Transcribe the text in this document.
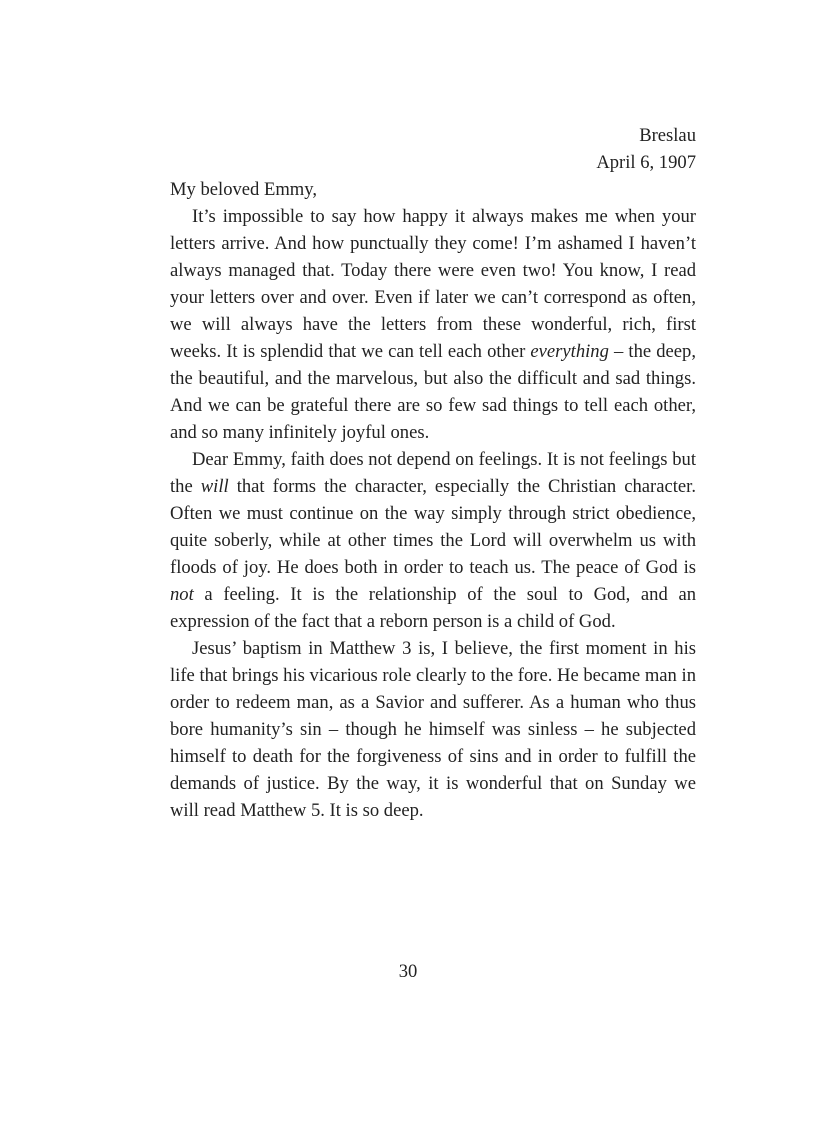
Breslau

April 6, 1907

My beloved Emmy,

It’s impossible to say how happy it always makes me when your letters arrive. And how punctually they come! I’m ashamed I haven’t always managed that. Today there were even two! You know, I read your letters over and over. Even if later we can’t correspond as often, we will always have the letters from these wonderful, rich, first weeks. It is splendid that we can tell each other everything – the deep, the beautiful, and the marvelous, but also the difficult and sad things. And we can be grateful there are so few sad things to tell each other, and so many infinitely joyful ones.

Dear Emmy, faith does not depend on feelings. It is not feelings but the will that forms the character, especially the Christian character. Often we must continue on the way simply through strict obedience, quite soberly, while at other times the Lord will overwhelm us with floods of joy. He does both in order to teach us. The peace of God is not a feeling. It is the relationship of the soul to God, and an expression of the fact that a reborn person is a child of God.

Jesus’ baptism in Matthew 3 is, I believe, the first moment in his life that brings his vicarious role clearly to the fore. He became man in order to redeem man, as a Savior and sufferer. As a human who thus bore humanity’s sin – though he himself was sinless – he subjected himself to death for the forgiveness of sins and in order to fulfill the demands of justice. By the way, it is wonderful that on Sunday we will read Matthew 5. It is so deep.

30
